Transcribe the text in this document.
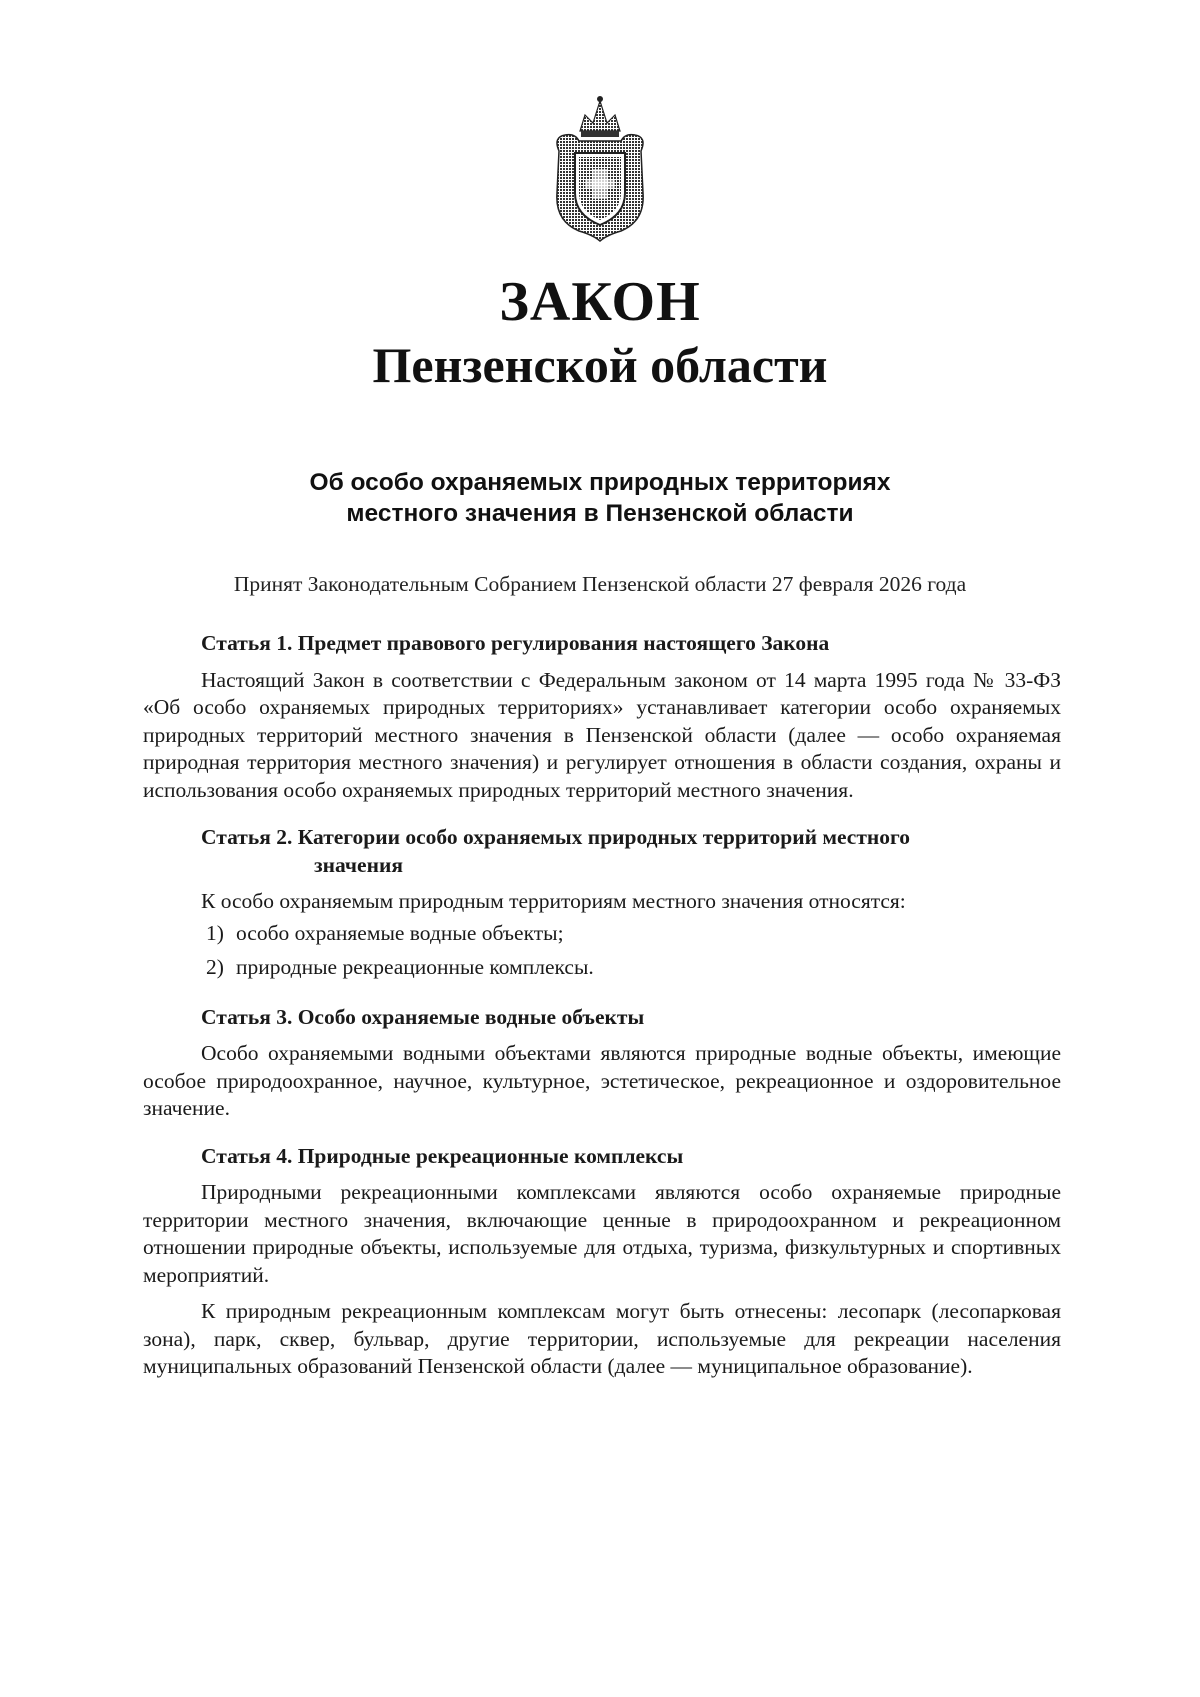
ЗАКОН
Пензенской области
Об особо охраняемых природных территориях
местного значения в Пензенской области
Принят Законодательным Собранием Пензенской области 27 февраля 2026 года

Статья 1. Предмет правового регулирования настоящего Закона

Настоящий Закон в соответствии с Федеральным законом от 14 марта 1995 года № 33-ФЗ «Об особо охраняемых природных территориях» устанавливает категории особо охраняемых природных территорий местного значения в Пензенской области (далее — особо охраняемая природная территория местного значения) и регулирует отношения в области создания, охраны и использования особо охраняемых природных территорий местного значения.

Статья 2. Категории особо охраняемых природных территорий местного
значения

К особо охраняемым природным территориям местного значения относятся:

1) особо охраняемые водные объекты;

2) природные рекреационные комплексы.

Статья 3. Особо охраняемые водные объекты

Особо охраняемыми водными объектами являются природные водные объекты, имеющие особое природоохранное, научное, культурное, эстетическое, рекреационное и оздоровительное значение.

Статья 4. Природные рекреационные комплексы

Природными рекреационными комплексами являются особо охраняемые природные территории местного значения, включающие ценные в природоохранном и рекреационном отношении природные объекты, используемые для отдыха, туризма, физкультурных и спортивных мероприятий.

К природным рекреационным комплексам могут быть отнесены: лесопарк (лесопарковая зона), парк, сквер, бульвар, другие территории, используемые для рекреации населения муниципальных образований Пензенской области (далее — муниципальное образование).
